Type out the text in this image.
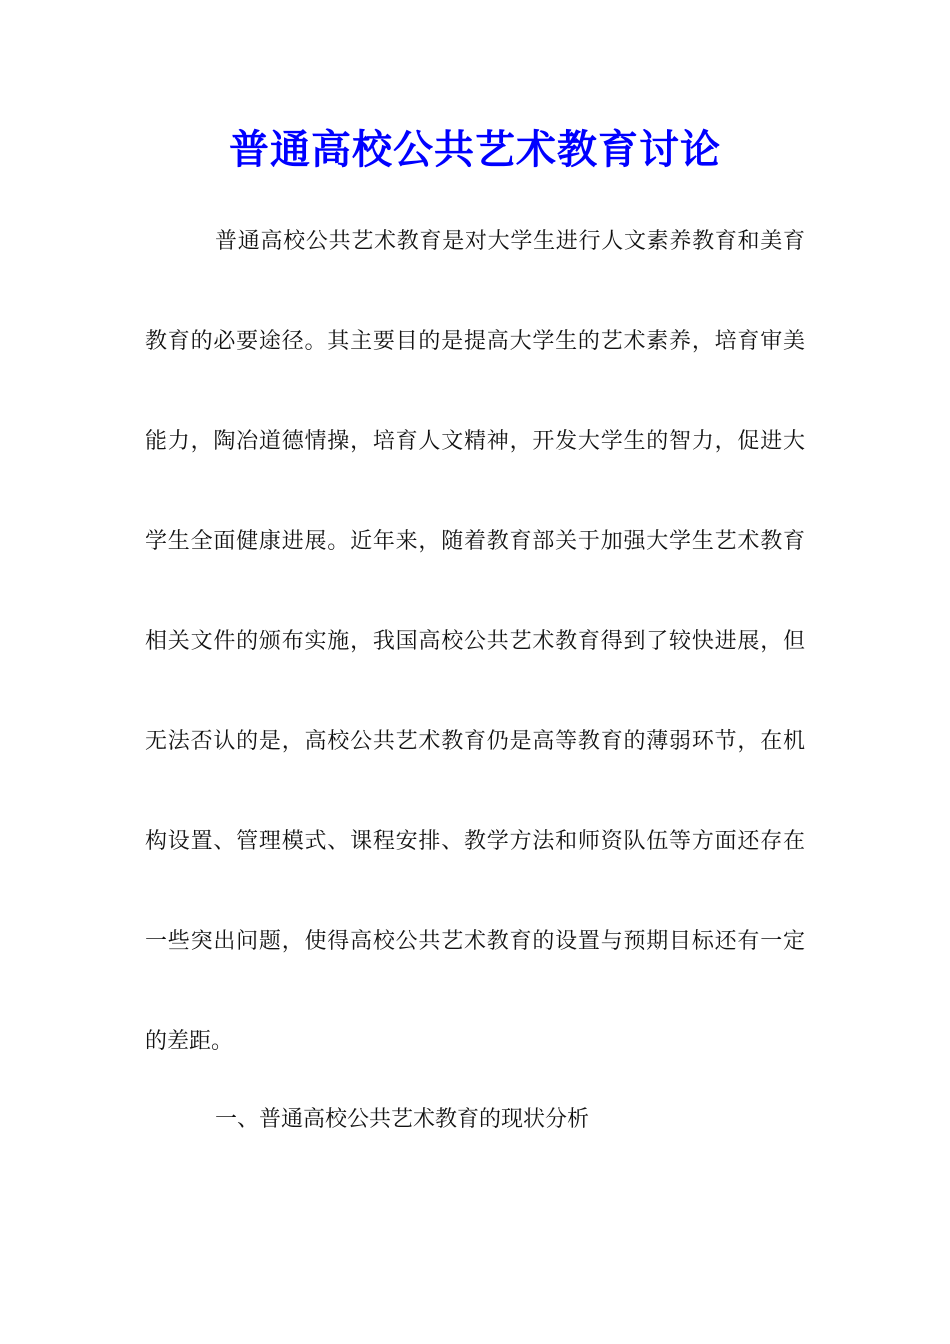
普通高校公共艺术教育讨论
普通高校公共艺术教育是对大学生进行人文素养教育和美育
教育的必要途径。其主要目的是提高大学生的艺术素养，培育审美
能力，陶冶道德情操，培育人文精神，开发大学生的智力，促进大
学生全面健康进展。近年来，随着教育部关于加强大学生艺术教育
相关文件的颁布实施，我国高校公共艺术教育得到了较快进展，但
无法否认的是，高校公共艺术教育仍是高等教育的薄弱环节，在机
构设置、管理模式、课程安排、教学方法和师资队伍等方面还存在
一些突出问题，使得高校公共艺术教育的设置与预期目标还有一定
的差距。
一、普通高校公共艺术教育的现状分析
